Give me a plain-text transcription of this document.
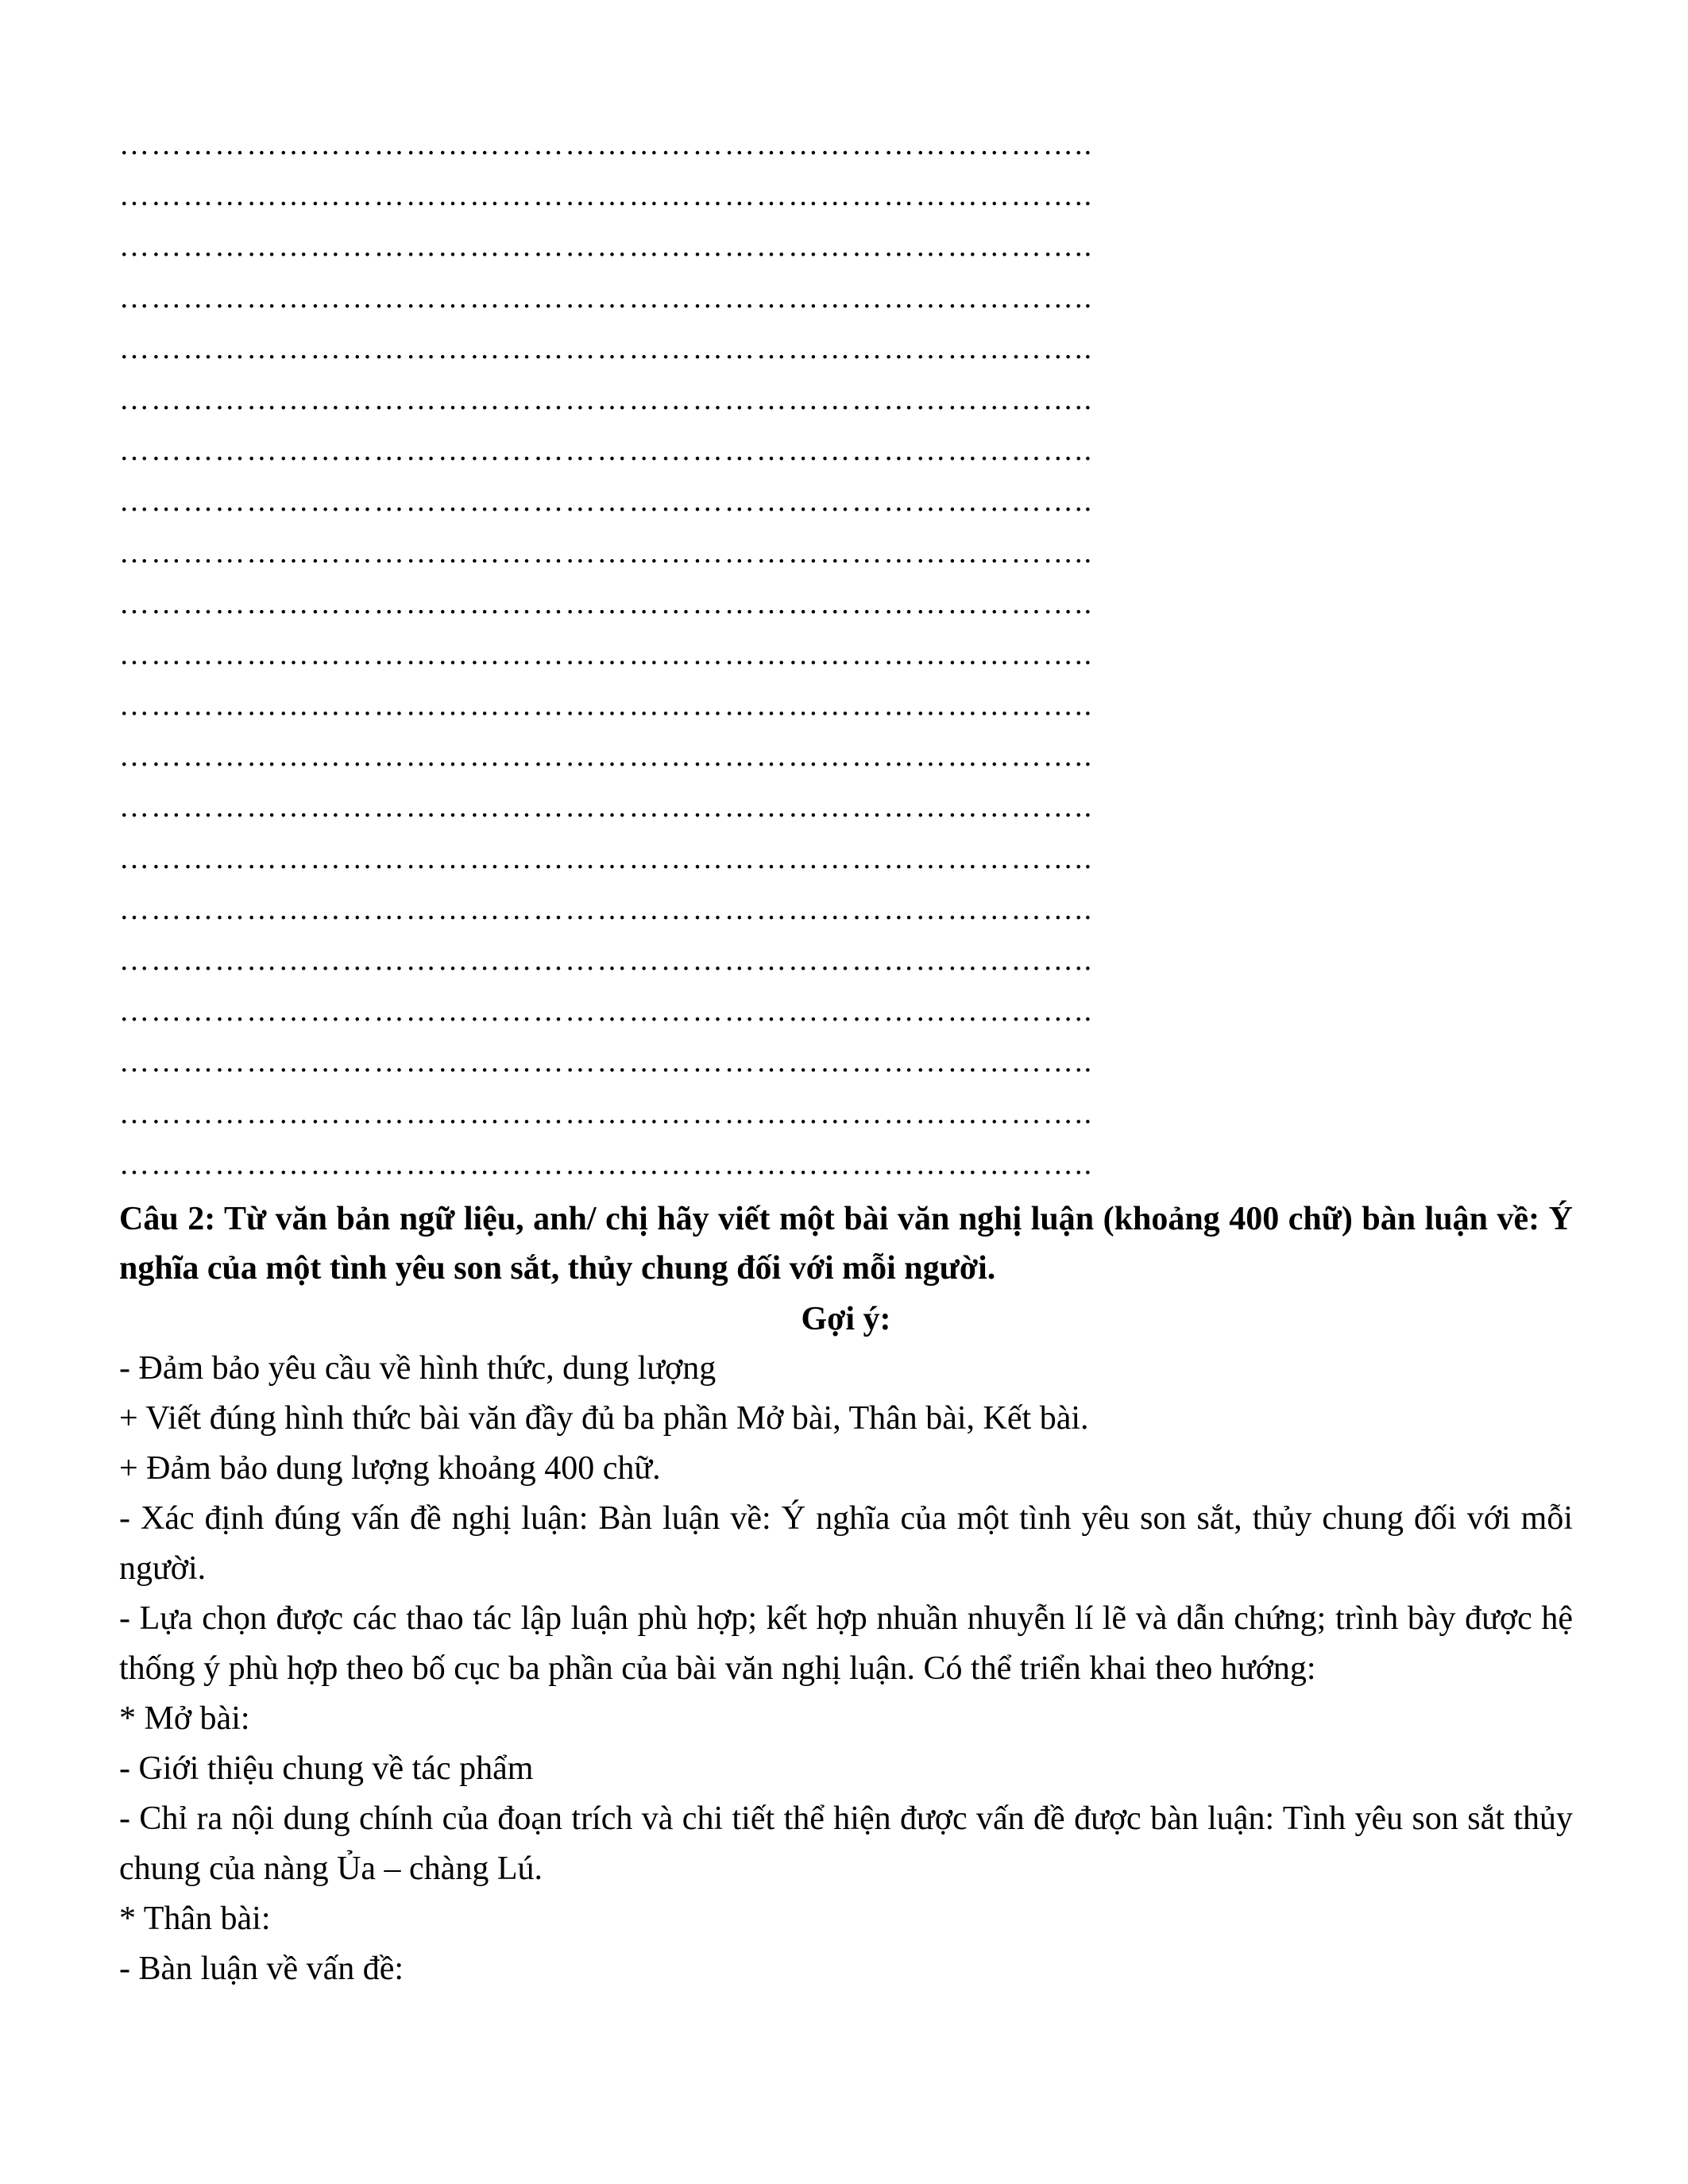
………………………………………………………………………………..
………………………………………………………………………………..
………………………………………………………………………………..
………………………………………………………………………………..
………………………………………………………………………………..
………………………………………………………………………………..
………………………………………………………………………………..
………………………………………………………………………………..
………………………………………………………………………………..
………………………………………………………………………………..
………………………………………………………………………………..
………………………………………………………………………………..
………………………………………………………………………………..
………………………………………………………………………………..
………………………………………………………………………………..
………………………………………………………………………………..
………………………………………………………………………………..
………………………………………………………………………………..
………………………………………………………………………………..
………………………………………………………………………………..
………………………………………………………………………………..
Câu 2: Từ văn bản ngữ liệu, anh/ chị hãy viết một bài văn nghị luận (khoảng 400 chữ) bàn luận về: Ý nghĩa của một tình yêu son sắt, thủy chung đối với mỗi người.
Gợi ý:

- Đảm bảo yêu cầu về hình thức, dung lượng

+ Viết đúng hình thức bài văn đầy đủ ba phần Mở bài, Thân bài, Kết bài.

+ Đảm bảo dung lượng khoảng 400 chữ.

- Xác định đúng vấn đề nghị luận: Bàn luận về: Ý nghĩa của một tình yêu son sắt, thủy chung đối với mỗi người.

- Lựa chọn được các thao tác lập luận phù hợp; kết hợp nhuần nhuyễn lí lẽ và dẫn chứng; trình bày được hệ thống ý phù hợp theo bố cục ba phần của bài văn nghị luận. Có thể triển khai theo hướng:

* Mở bài:

- Giới thiệu chung về tác phẩm

- Chỉ ra nội dung chính của đoạn trích và chi tiết thể hiện được vấn đề được bàn luận: Tình yêu son sắt thủy chung của nàng Ủa – chàng Lú.

* Thân bài:

- Bàn luận về vấn đề:
